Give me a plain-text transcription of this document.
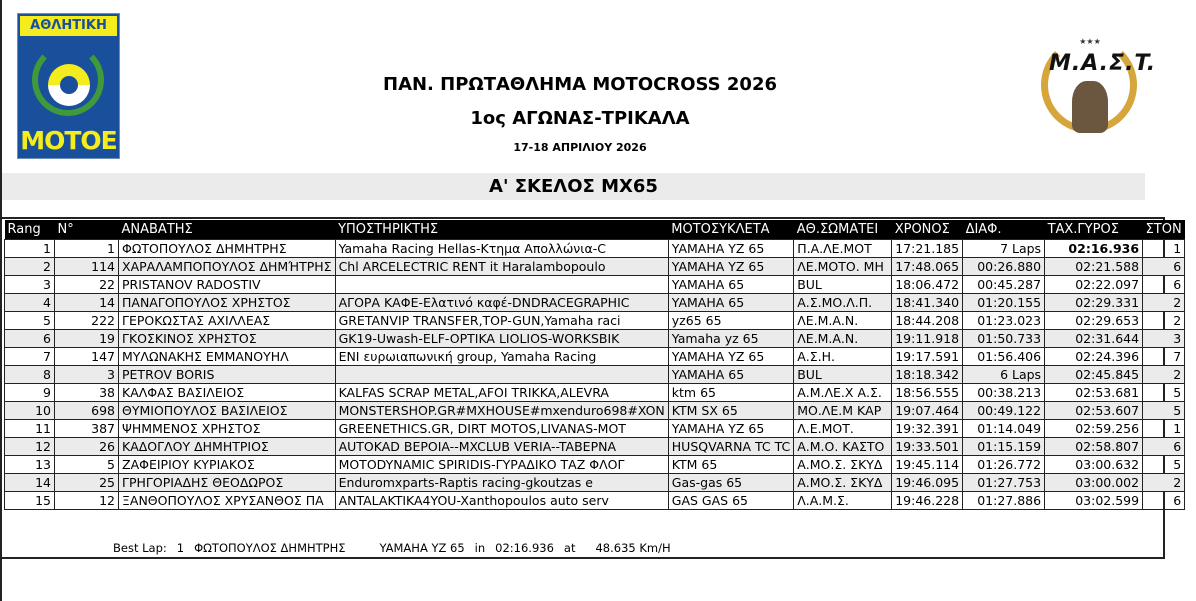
ΑΘΛΗΤΙΚΗ
ΜΟΤΟΕ
★★★
M.A.Σ.T.
ΠΑΝ. ΠΡΩΤΑΘΛΗΜΑ MOTOCROSS 2026
1ος ΑΓΩΝΑΣ-ΤΡΙΚΑΛΑ
17-18 ΑΠΡΙΛΙΟΥ 2026
Α' ΣΚΕΛΟΣ MX65
Rang	N°	ΑΝΑΒΑΤΗΣ	ΥΠΟΣΤΗΡΙΚΤΗΣ	ΜΟΤΟΣΥΚΛΕΤΑ	ΑΘ.ΣΩΜΑΤΕΙ	ΧΡΟΝΟΣ	ΔΙΑΦ.	ΤΑΧ.ΓΥΡΟΣ	ΣΤΟΝ
1	1	ΦΩΤΟΠΟΥΛΟΣ ΔΗΜΗΤΡΗΣ	Yamaha Racing Hellas-Κτημα Απολλώνια-C	YAMAHA YZ 65	Π.Α.ΛΕ.ΜΟΤ	17:21.185	7 Laps	02:16.936	1
2	114	ΧΑΡΑΛΑΜΠΟΠΟΥΛΟΣ ΔΗΜΉΤΡΗΣ	Chl ARCELECTRIC RENT it Haralambopoulo	YAMAHA YZ 65	ΛΕ.ΜΟΤΟ. ΜΗ	17:48.065	00:26.880	02:21.588	6
3	22	PRISTANOV RADOSTIV		YAMAHA 65	BUL	18:06.472	00:45.287	02:22.097	6
4	14	ΠΑΝΑΓΟΠΟΥΛΟΣ ΧΡΗΣΤΟΣ	ΑΓΟΡΑ ΚΑΦΕ-Ελατινό καφέ-DNDRACEGRAPHIC	YAMAHA 65	Α.Σ.ΜΟ.Λ.Π.	18:41.340	01:20.155	02:29.331	2
5	222	ΓΕΡΟΚΩΣΤΑΣ ΑΧΙΛΛΕΑΣ	GRETANVIP TRANSFER,TOP-GUN,Yamaha raci	yz65 65	ΛΕ.Μ.Α.Ν.	18:44.208	01:23.023	02:29.653	2
6	19	ΓΚΟΣΚΙΝΟΣ ΧΡΗΣΤΟΣ	GK19-Uwash-ELF-OPTIKA LIOLIOS-WORKSBIK	Yamaha yz 65	ΛΕ.Μ.Α.Ν.	19:11.918	01:50.733	02:31.644	3
7	147	ΜΥΛΩΝΑΚΗΣ ΕΜΜΑΝΟΥΗΛ	ENI ευρωιαπωνική group, Yamaha Racing	YAMAHA YZ 65	Α.Σ.Η.	19:17.591	01:56.406	02:24.396	7
8	3	PETROV BORIS		YAMAHA 65	BUL	18:18.342	6 Laps	02:45.845	2
9	38	ΚΑΛΦΑΣ ΒΑΣΙΛΕΙΟΣ	KALFAS SCRAP METAL,AFOI TRIKKA,ALEVRA	ktm 65	Α.Μ.ΛΕ.Χ Α.Σ.	18:56.555	00:38.213	02:53.681	5
10	698	ΘΥΜΙΟΠΟΥΛΟΣ ΒΑΣΙΛΕΙΟΣ	MONSTERSHOP.GR#MXHOUSE#mxenduro698#XON	KTM SX 65	ΜΟ.ΛΕ.Μ ΚΑΡ	19:07.464	00:49.122	02:53.607	5
11	387	ΨΗΜΜΕΝΟΣ ΧΡΗΣΤΟΣ	GREENETHICS.GR, DIRT MOTOS,LIVANAS-MOT	YAMAHA YZ 65	Λ.Ε.ΜΟΤ.	19:32.391	01:14.049	02:59.256	1
12	26	ΚΑΔΟΓΛΟΥ ΔΗΜΗΤΡΙΟΣ	AUTOKAD BEPOIA--MXCLUB VERIA--TABEPNA	HUSQVARNA TC TC	Α.Μ.Ο. ΚΑΣΤΟ	19:33.501	01:15.159	02:58.807	6
13	5	ΖΑΦΕΙΡΙΟΥ ΚΥΡΙΑΚΟΣ	MOTODYNAMIC SPIRIDIS-ΓΥΡΑΔΙΚΟ ΤΑΖ ΦΛΟΓ	KTM 65	Α.ΜΟ.Σ. ΣΚΥΔ	19:45.114	01:26.772	03:00.632	5
14	25	ΓΡΗΓΟΡΙΑΔΗΣ ΘΕΟΔΩΡΟΣ	Enduromxparts-Raptis racing-gkoutzas e	Gas-gas 65	Α.ΜΟ.Σ. ΣΚΥΔ	19:46.095	01:27.753	03:00.002	2
15	12	ΞΑΝΘΟΠΟΥΛΟΣ ΧΡΥΣΑΝΘΟΣ ΠΑ	ANTALAKTIKA4YOU-Xanthopoulos auto serv	GAS GAS 65	Λ.Α.Μ.Σ.	19:46.228	01:27.886	03:02.599	6
Best Lap: 1 ΦΩΤΟΠΟΥΛΟΣ ΔΗΜΗΤΡΗΣ	YAMAHA YZ 65 in 02:16.936 at 48.635 Km/H
